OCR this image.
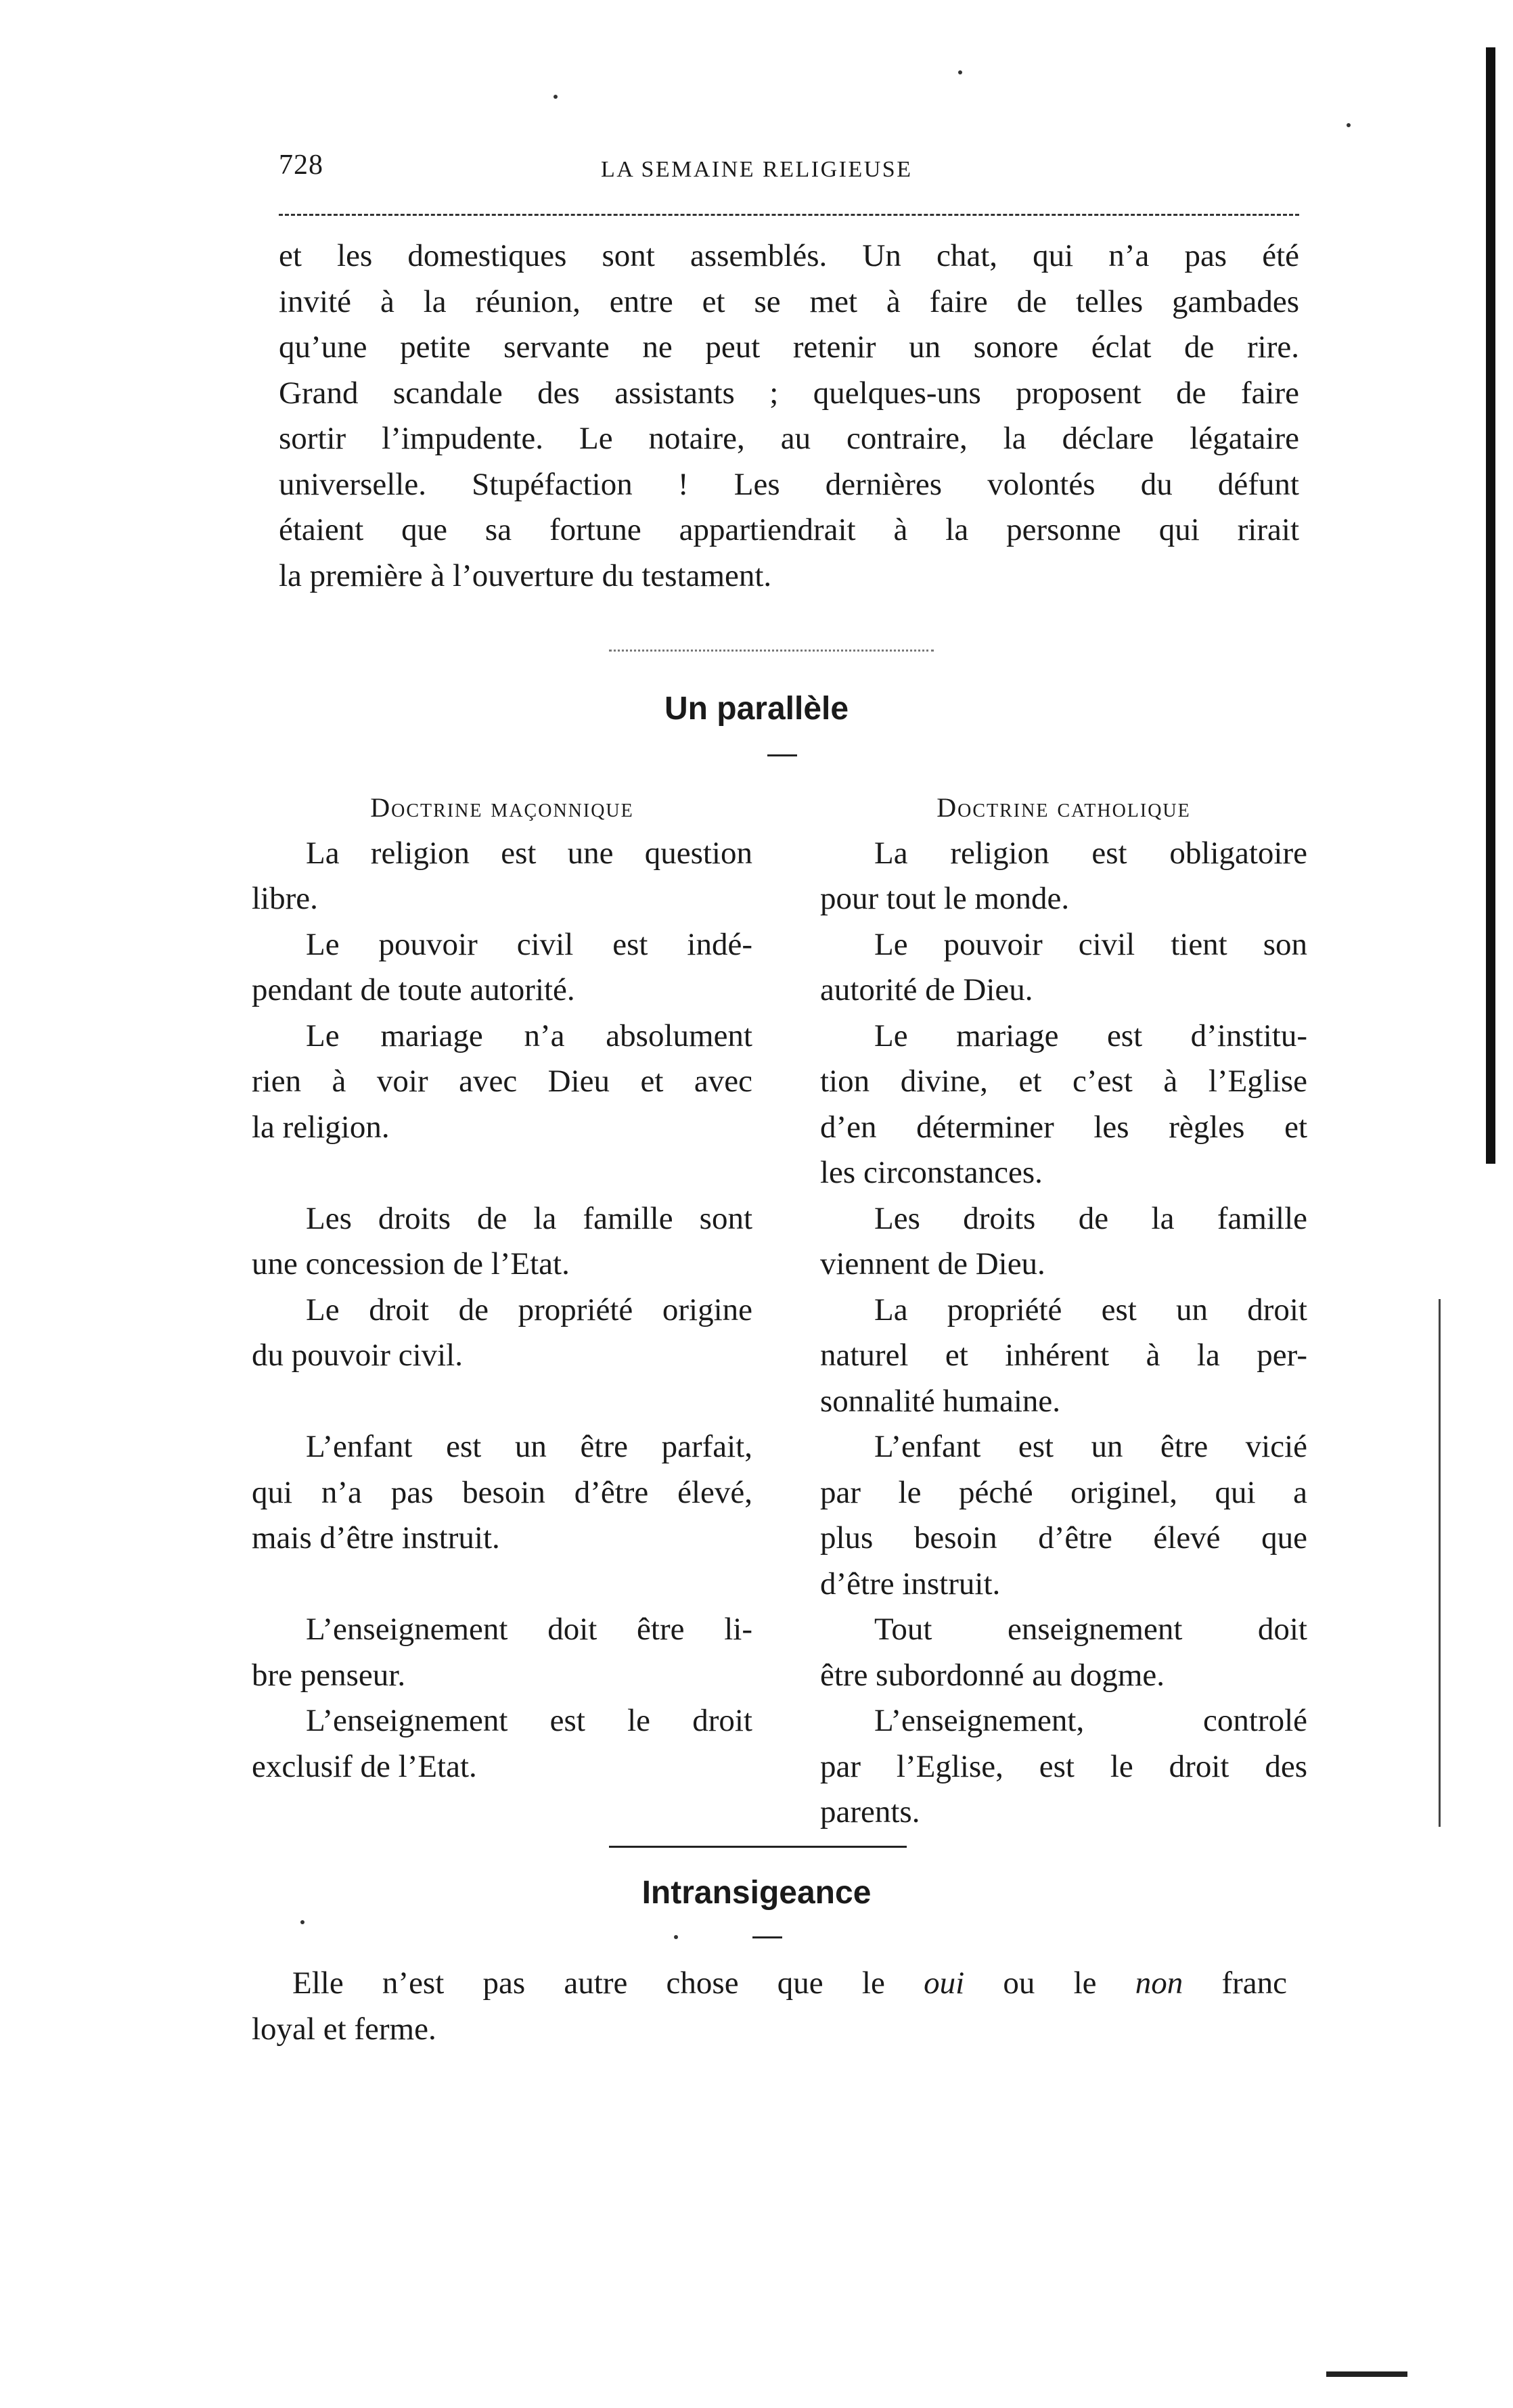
728	LA SEMAINE RELIGIEUSE
et les domestiques sont assemblés. Un chat, qui n’a pas été
invité à la réunion, entre et se met à faire de telles gambades
qu’une petite servante ne peut retenir un sonore éclat de rire.
Grand scandale des assistants ; quelques-uns proposent de faire
sortir l’impudente. Le notaire, au contraire, la déclare légataire
universelle. Stupéfaction ! Les dernières volontés du défunt
étaient que sa fortune appartiendrait à la personne qui rirait
la première à l’ouverture du testament.
Un parallèle
Doctrine maçonnique
La religion est une question
libre.
Le pouvoir civil est indé-
pendant de toute autorité.
Le mariage n’a absolument
rien à voir avec Dieu et avec
la religion.
Les droits de la famille sont
une concession de l’Etat.
Le droit de propriété origine
du pouvoir civil.
L’enfant est un être parfait,
qui n’a pas besoin d’être élevé,
mais d’être instruit.
L’enseignement doit être li-
bre penseur.
L’enseignement est le droit
exclusif de l’Etat.
Doctrine catholique
La religion est obligatoire
pour tout le monde.
Le pouvoir civil tient son
autorité de Dieu.
Le mariage est d’institu-
tion divine, et c’est à l’Eglise
d’en déterminer les règles et
les circonstances.
Les droits de la famille
viennent de Dieu.
La propriété est un droit
naturel et inhérent à la per-
sonnalité humaine.
L’enfant est un être vicié
par le péché originel, qui a
plus besoin d’être élevé que
d’être instruit.
Tout enseignement doit
être subordonné au dogme.
L’enseignement, controlé
par l’Eglise, est le droit des
parents.
Intransigeance
Elle n’est pas autre chose que le oui ou le non franc
loyal et ferme.
